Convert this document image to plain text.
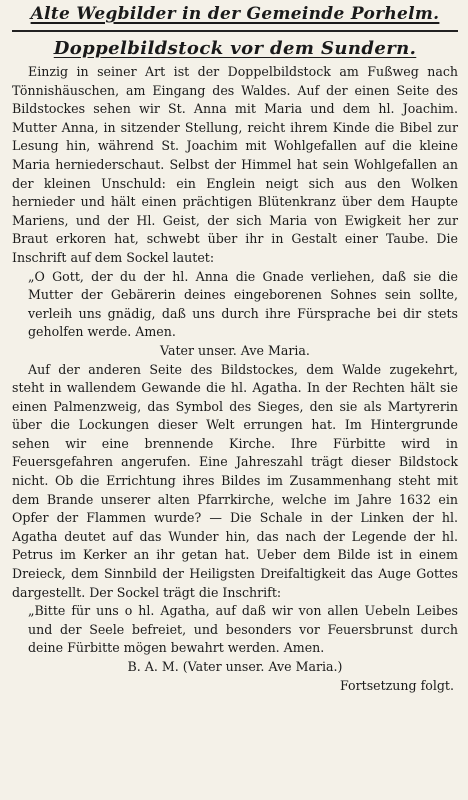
Alte Wegbilder in der Gemeinde Porhelm.
Doppelbildstock vor dem Sundern.

Einzig in seiner Art ist der Doppelbildstock am Fußweg nach Tönnishäuschen, am Eingang des Waldes. Auf der einen Seite des Bildstockes sehen wir St. Anna mit Maria und dem hl. Joachim. Mutter Anna, in sitzender Stellung, reicht ihrem Kinde die Bibel zur Lesung hin, während St. Joachim mit Wohlgefallen auf die kleine Maria herniederschaut. Selbst der Himmel hat sein Wohlgefallen an der kleinen Unschuld: ein Englein neigt sich aus den Wolken hernieder und hält einen prächtigen Blütenkranz über dem Haupte Mariens, und der Hl. Geist, der sich Maria von Ewigkeit her zur Braut erkoren hat, schwebt über ihr in Gestalt einer Taube. Die Inschrift auf dem Sockel lautet:

„O Gott, der du der hl. Anna die Gnade verliehen, daß sie die Mutter der Gebärerin deines eingeborenen Sohnes sein sollte, verleih uns gnädig, daß uns durch ihre Fürsprache bei dir stets geholfen werde. Amen.

Vater unser. Ave Maria.

Auf der anderen Seite des Bildstockes, dem Walde zugekehrt, steht in wallendem Gewande die hl. Agatha. In der Rechten hält sie einen Palmenzweig, das Symbol des Sieges, den sie als Martyrerin über die Lockungen dieser Welt errungen hat. Im Hintergrunde sehen wir eine brennende Kirche. Ihre Fürbitte wird in Feuersgefahren angerufen. Eine Jahreszahl trägt dieser Bildstock nicht. Ob die Errichtung ihres Bildes im Zusammenhang steht mit dem Brande unserer alten Pfarrkirche, welche im Jahre 1632 ein Opfer der Flammen wurde? — Die Schale in der Linken der hl. Agatha deutet auf das Wunder hin, das nach der Legende der hl. Petrus im Kerker an ihr getan hat. Ueber dem Bilde ist in einem Dreieck, dem Sinnbild der Heiligsten Dreifaltigkeit das Auge Gottes dargestellt. Der Sockel trägt die Inschrift:

„Bitte für uns o hl. Agatha, auf daß wir von allen Uebeln Leibes und der Seele befreiet, und besonders vor Feuersbrunst durch deine Fürbitte mögen bewahrt werden. Amen.

B. A. M. (Vater unser. Ave Maria.)

Fortsetzung folgt.
